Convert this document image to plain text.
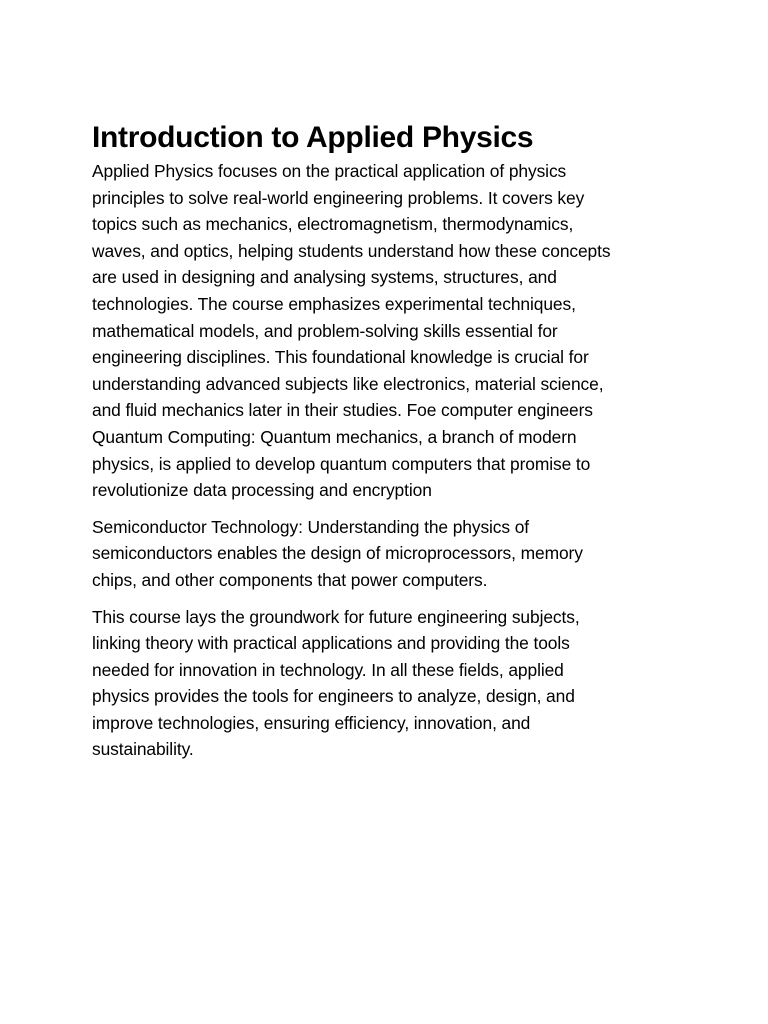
Introduction to Applied Physics

Applied Physics focuses on the practical application of physics
principles to solve real-world engineering problems. It covers key
topics such as mechanics, electromagnetism, thermodynamics,
waves, and optics, helping students understand how these concepts
are used in designing and analysing systems, structures, and
technologies. The course emphasizes experimental techniques,
mathematical models, and problem-solving skills essential for
engineering disciplines. This foundational knowledge is crucial for
understanding advanced subjects like electronics, material science,
and fluid mechanics later in their studies. Foe computer engineers
Quantum Computing: Quantum mechanics, a branch of modern
physics, is applied to develop quantum computers that promise to
revolutionize data processing and encryption

Semiconductor Technology: Understanding the physics of
semiconductors enables the design of microprocessors, memory
chips, and other components that power computers.

This course lays the groundwork for future engineering subjects,
linking theory with practical applications and providing the tools
needed for innovation in technology. In all these fields, applied
physics provides the tools for engineers to analyze, design, and
improve technologies, ensuring efficiency, innovation, and
sustainability.
